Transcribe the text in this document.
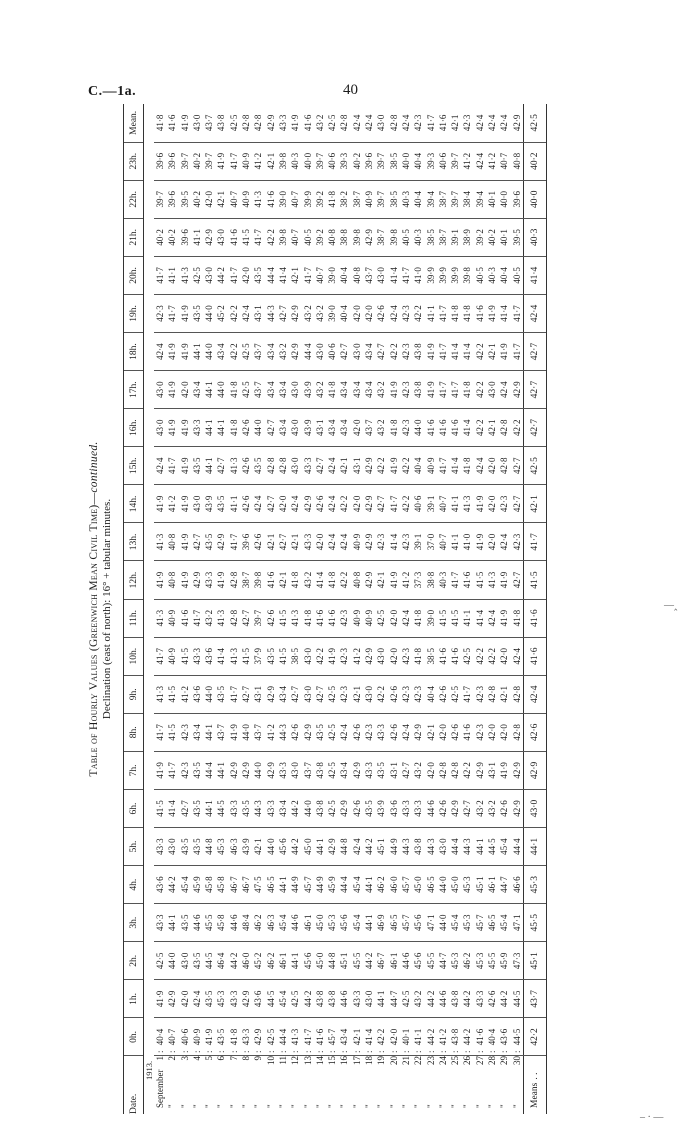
C.—1a.	40
Table of Hourly Values (Greenwich Mean Civil Time)—continued.
Declination (east of north): 16° + tabular minutes.
Date.	0h.	1h.	2h.	3h.	4h.	5h.	6h.	7h.	8h.	9h.	10h.	11h.	12h.	13h.	14h.	15h.	16h.	17h.	18h.	19h.	20h.	21h.	22h.	23h.	Mean.
1913.																									
September1:	40·4	41·9	42·5	43·3	43·6	43·3	41·5	41·9	41·7	41·3	41·7	41·3	41·9	41·3	41·9	42·4	43·0	43·0	42·4	42·3	41·7	40·2	39·7	39·6	41·8
"2:	40·7	42·9	44·0	44·1	44·2	43·0	41·4	41·7	41·5	41·5	40·9	40·9	40·8	40·8	41·2	41·7	41·9	41·9	41·9	41·7	41·1	40·2	39·6	39·6	41·6
"3:	40·6	42·0	43·0	43·5	45·4	43·5	42·7	42·3	42·3	41·2	41·5	41·6	41·9	41·9	41·9	41·9	41·9	42·0	41·9	41·9	41·3	39·6	39·5	39·7	41·9
"4:	40·9	42·4	43·5	44·6	45·9	43·5	43·5	43·5	43·4	43·6	43·3	41·7	42·9	42·7	43·0	43·5	43·3	43·4	44·1	43·5	42·5	41·1	40·2	40·2	43·0
"5:	41·9	43·5	44·5	45·5	45·8	44·8	44·1	44·4	44·1	44·0	43·6	43·2	43·3	43·5	43·9	44·1	44·1	44·1	44·0	44·0	43·0	42·9	42·0	39·7	43·7
"6:	43·5	45·3	46·4	45·8	45·8	45·3	44·5	44·1	43·7	43·5	41·4	41·3	41·9	42·9	43·5	42·7	44·1	44·0	43·4	45·2	44·2	43·0	42·1	41·9	43·8
"7:	41·8	43·3	44·2	44·6	46·7	46·3	43·3	42·9	41·9	41·7	41·3	42·8	42·8	41·7	41·1	41·3	41·8	41·8	42·2	42·2	41·7	41·6	40·7	41·7	42·5
"8:	43·3	42·9	46·0	48·4	46·7	43·9	43·5	42·9	44·0	42·7	41·5	42·7	38·7	39·6	42·6	42·6	42·6	42·5	42·5	42·4	42·0	41·5	40·9	40·9	42·8
"9:	42·9	43·6	45·2	46·2	47·5	42·1	44·3	44·0	43·7	43·1	37·9	39·7	39·8	42·6	42·4	43·5	44·0	43·7	43·7	43·1	43·5	41·7	41·3	41·2	42·8
"10:	42·5	44·5	46·2	46·3	46·5	44·0	43·3	42·9	41·2	42·9	43·5	42·6	41·6	42·1	42·7	42·8	42·7	43·4	43·4	44·3	44·4	42·2	41·6	42·1	42·9
"11:	44·4	45·4	46·1	45·4	44·1	45·6	43·4	43·3	44·3	43·4	41·5	41·5	42·1	42·7	42·0	42·8	43·4	43·4	43·2	42·7	41·4	39·8	39·0	39·8	43·3
"12:	41·3	42·5	44·1	44·6	44·9	44·2	44·2	43·0	42·6	42·7	38·5	41·3	41·8	42·1	42·4	43·0	43·0	43·0	42·9	42·9	42·1	40·7	40·7	40·3	41·9
"13:	41·7	44·2	45·6	46·1	45·7	45·0	44·0	43·7	42·9	43·0	43·0	41·8	43·2	43·3	42·9	43·3	43·9	43·9	44·4	43·2	41·7	40·5	39·9	40·0	41·6
"14:	41·6	43·8	45·0	45·0	44·9	44·1	43·8	43·8	43·5	42·7	42·2	41·6	41·4	42·0	42·6	42·7	43·1	43·2	43·0	43·2	40·7	39·2	39·2	39·7	43·2
"15:	45·7	43·8	44·8	45·3	45·9	42·9	42·5	42·5	42·5	42·5	41·9	41·6	41·8	42·4	42·4	42·4	43·4	41·8	40·6	39·0	39·0	40·8	41·8	40·6	42·5
"16:	43·4	44·6	45·1	45·6	44·4	44·8	42·9	43·4	42·4	42·3	42·3	42·3	42·2	42·4	42·2	42·1	43·4	43·4	42·7	40·4	40·4	38·8	38·2	39·3	42·8
"17:	42·1	43·3	45·5	45·4	45·4	42·4	42·6	42·9	42·6	42·1	41·2	40·9	40·8	40·9	42·0	43·1	42·0	43·4	43·0	42·0	40·8	39·8	38·7	40·2	42·4
"18:	41·4	43·0	44·2	44·1	44·1	44·2	43·5	43·3	42·3	43·0	42·9	40·9	42·9	42·9	42·9	42·9	43·7	43·4	43·4	42·0	43·7	42·9	40·9	39·6	42·4
"19:	42·2	44·1	46·7	46·9	46·2	45·1	43·9	43·5	43·3	42·2	43·0	42·5	42·1	42·3	42·7	42·2	43·2	43·2	42·7	42·6	43·0	38·7	39·7	39·7	43·0
"20:	42·0	44·7	46·1	46·5	46·0	44·9	43·6	43·1	42·6	42·6	42·0	42·0	41·9	41·4	41·7	41·9	41·8	41·9	42·2	42·4	41·4	39·8	38·5	38·5	42·8
"21:	40·1	42·5	44·6	45·7	45·7	44·3	43·3	42·7	42·4	42·3	42·3	42·4	41·2	42·3	42·2	42·2	42·3	42·3	42·3	42·3	41·7	40·5	40·3	40·0	42·4
"22:	41·1	43·2	45·6	45·6	45·0	43·8	43·3	43·2	42·9	42·3	41·8	41·8	37·3	39·1	40·6	40·4	44·0	43·8	43·8	42·2	41·0	40·3	40·4	40·4	42·3
"23:	44·2	44·2	45·5	47·1	46·5	44·3	44·6	42·0	42·1	40·4	38·5	39·0	38·8	37·0	39·1	40·9	41·6	41·9	41·9	41·1	39·9	38·5	39·4	39·3	41·7
"24:	41·2	44·6	44·7	44·0	44·0	43·0	42·6	42·8	42·0	42·6	41·6	41·5	40·3	40·7	40·7	41·7	41·6	41·7	41·7	41·7	39·9	38·7	38·7	40·6	41·6
"25:	43·8	43·8	45·3	45·4	45·0	44·4	42·9	42·8	42·6	42·5	41·6	41·5	41·7	41·1	41·1	41·4	41·6	41·7	41·4	41·8	39·9	39·1	39·7	39·7	42·1
"26:	44·2	44·2	46·2	45·3	45·3	44·3	42·7	42·2	41·6	41·7	42·5	41·1	41·6	41·0	41·3	41·8	41·4	41·8	41·4	41·8	39·8	38·9	38·4	41·2	42·3
"27:	41·6	43·3	45·3	45·7	45·1	44·1	43·2	42·9	42·3	42·3	42·2	41·4	41·5	41·9	41·9	42·4	42·2	42·2	42·2	41·6	40·5	39·2	39·4	42·4	42·4
"28:	40·4	42·6	45·5	46·5	46·1	44·5	43·2	43·1	42·0	42·8	42·2	42·4	41·3	42·0	42·0	42·0	42·1	43·0	42·1	41·9	40·3	40·2	40·1	41·2	42·4
"29:	43·6	44·2	45·9	45·4	44·7	45·4	42·6	41·9	42·0	42·1	42·0	41·9	41·9	42·4	42·3	42·8	42·8	42·4	41·9	41·4	40·4	40·1	40·0	40·7	42·4
"30:	44·5	44·5	47·3	47·1	46·6	44·4	42·9	42·9	42·8	42·8	42·4	41·8	42·7	42·3	42·7	42·7	42·2	42·9	41·7	41·7	40·5	39·5	39·6	40·8	42·9
Means. .	42·2	43·7	45·1	45·5	45·3	44·1	43·0	42·9	42·6	42·4	41·6	41·6	41·5	41·7	42·1	42·5	42·7	42·7	42·7	42·4	41·4	40·3	40·0	40·2	42·5
—‸
– · —
